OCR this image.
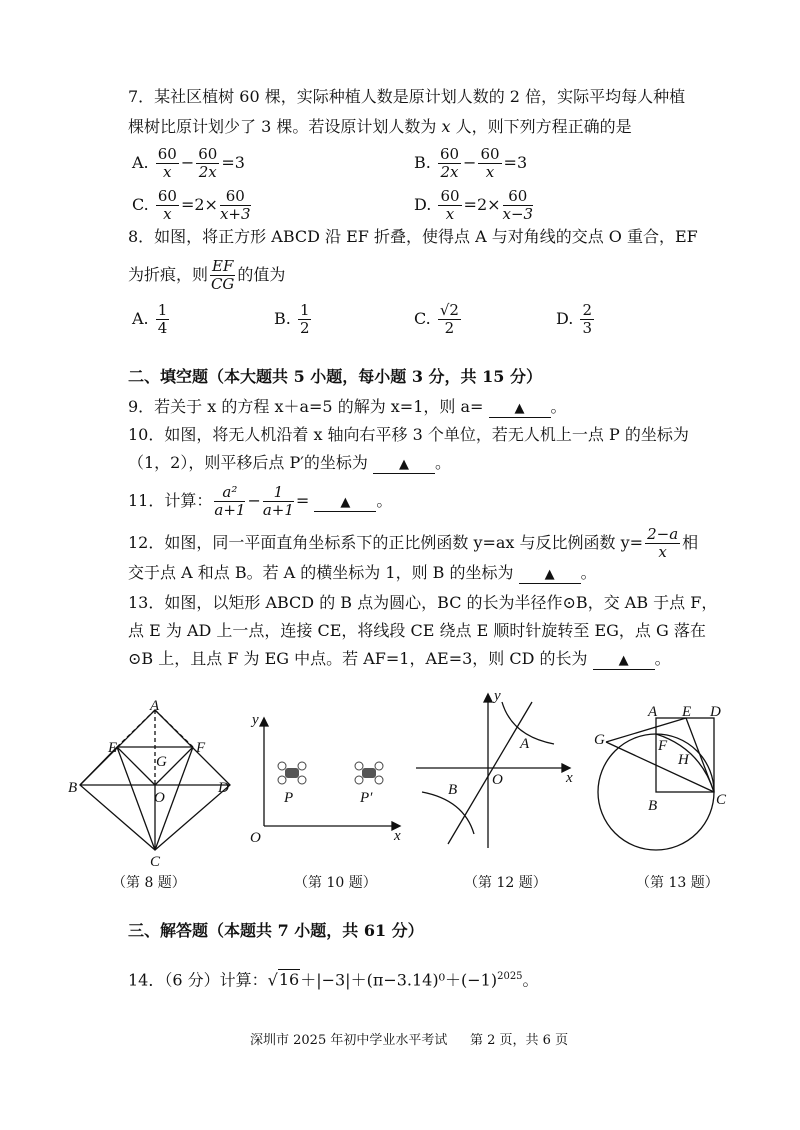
7．某社区植树 60 棵，实际种植人数是原计划人数的 2 倍，实际平均每人种植
棵树比原计划少了 3 棵。若设原计划人数为 x 人，则下列方程正确的是
A. $\frac{60}{x} - \frac{60}{2x} =3$	B. $\frac{60}{2x} - \frac{60}{x} =3$
C. $\frac{60}{x} =2\times \frac{60}{x+3}$	D. $\frac{60}{x} =2\times \frac{60}{x-3}$
8．如图，将正方形 ABCD 沿 EF 折叠，使得点 A 与对角线的交点 O 重合，EF
为折痕，则 $\frac{EF}{CG}$ 的值为
A. $\frac{1}{4}$	B. $\frac{1}{2}$	C. $\frac{√2}{2}$	D. $\frac{2}{3}$
二、填空题（本大题共 5 小题，每小题 3 分，共 15 分）
9．若关于 x 的方程 x＋a=5 的解为 x=1，则 a= ▲ 。
10．如图，将无人机沿着 x 轴向右平移 3 个单位，若无人机上一点 P 的坐标为
（1，2），则平移后点 P′的坐标为 ▲ 。
11．计算： $\frac{\text{a²}}{a+1} - \frac{1}{a+1}$ = ▲ 。
12．如图，同一平面直角坐标系下的正比例函数 y=ax 与反比例函数 $y= \frac{2-a}{x}$ 相
交于点 A 和点 B。若 A 的横坐标为 1，则 B 的坐标为 ▲ 。
13．如图，以矩形 ABCD 的 B 点为圆心，BC 的长为半径作⊙B，交 AB 于点 F，
点 E 为 AD 上一点，连接 CE，将线段 CE 绕点 E 顺时针旋转至 EG，点 G 落在
⊙B 上，且点 F 为 EG 中点。若 AF=1，AE=3，则 CD 的长为 ▲ 。
A
E	F
G
O
B	D
C
（第 8 题）
y
x
O
P	P′
（第 10 题）
y
x
O
A
B
（第 12 题）
A E D
G	F
H
B	C
（第 13 题）
三、解答题（本题共 7 小题，共 61 分）
14．（6 分）计算：$√16+|-3|+(\pi-3.14)^0+(-1)^{2025}$。
深圳市 2025 年初中学业水平考试 第 2 页，共 6 页
